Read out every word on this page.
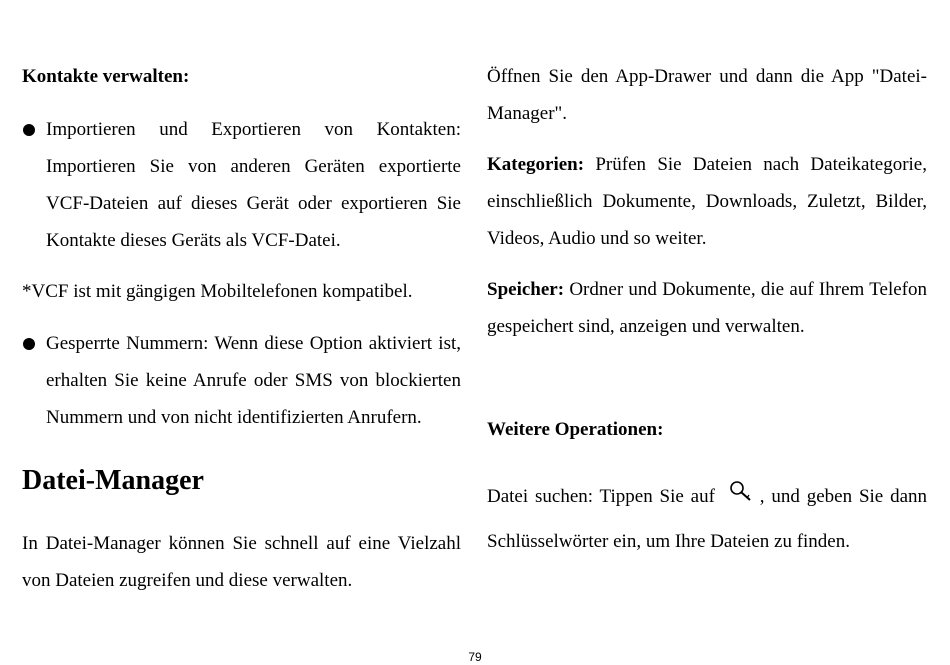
Kontakte verwalten:

Importieren und Exportieren von Kontakten: Importieren Sie von anderen Geräten exportierte VCF-Dateien auf dieses Gerät oder exportieren Sie Kontakte dieses Geräts als VCF-Datei.

*VCF ist mit gängigen Mobiltelefonen kompatibel.

Gesperrte Nummern: Wenn diese Option aktiviert ist, erhalten Sie keine Anrufe oder SMS von blockierten Nummern und von nicht identifizierten Anrufern.

Datei-Manager

In Datei-Manager können Sie schnell auf eine Vielzahl von Dateien zugreifen und diese verwalten.

Öffnen Sie den App-Drawer und dann die App "Datei-Manager".

Kategorien: Prüfen Sie Dateien nach Dateikategorie, einschließlich Dokumente, Downloads, Zuletzt, Bilder, Videos, Audio und so weiter.

Speicher: Ordner und Dokumente, die auf Ihrem Telefon gespeichert sind, anzeigen und verwalten.

Weitere Operationen:

Datei suchen: Tippen Sie auf , und geben Sie dann Schlüsselwörter ein, um Ihre Dateien zu finden.

79
